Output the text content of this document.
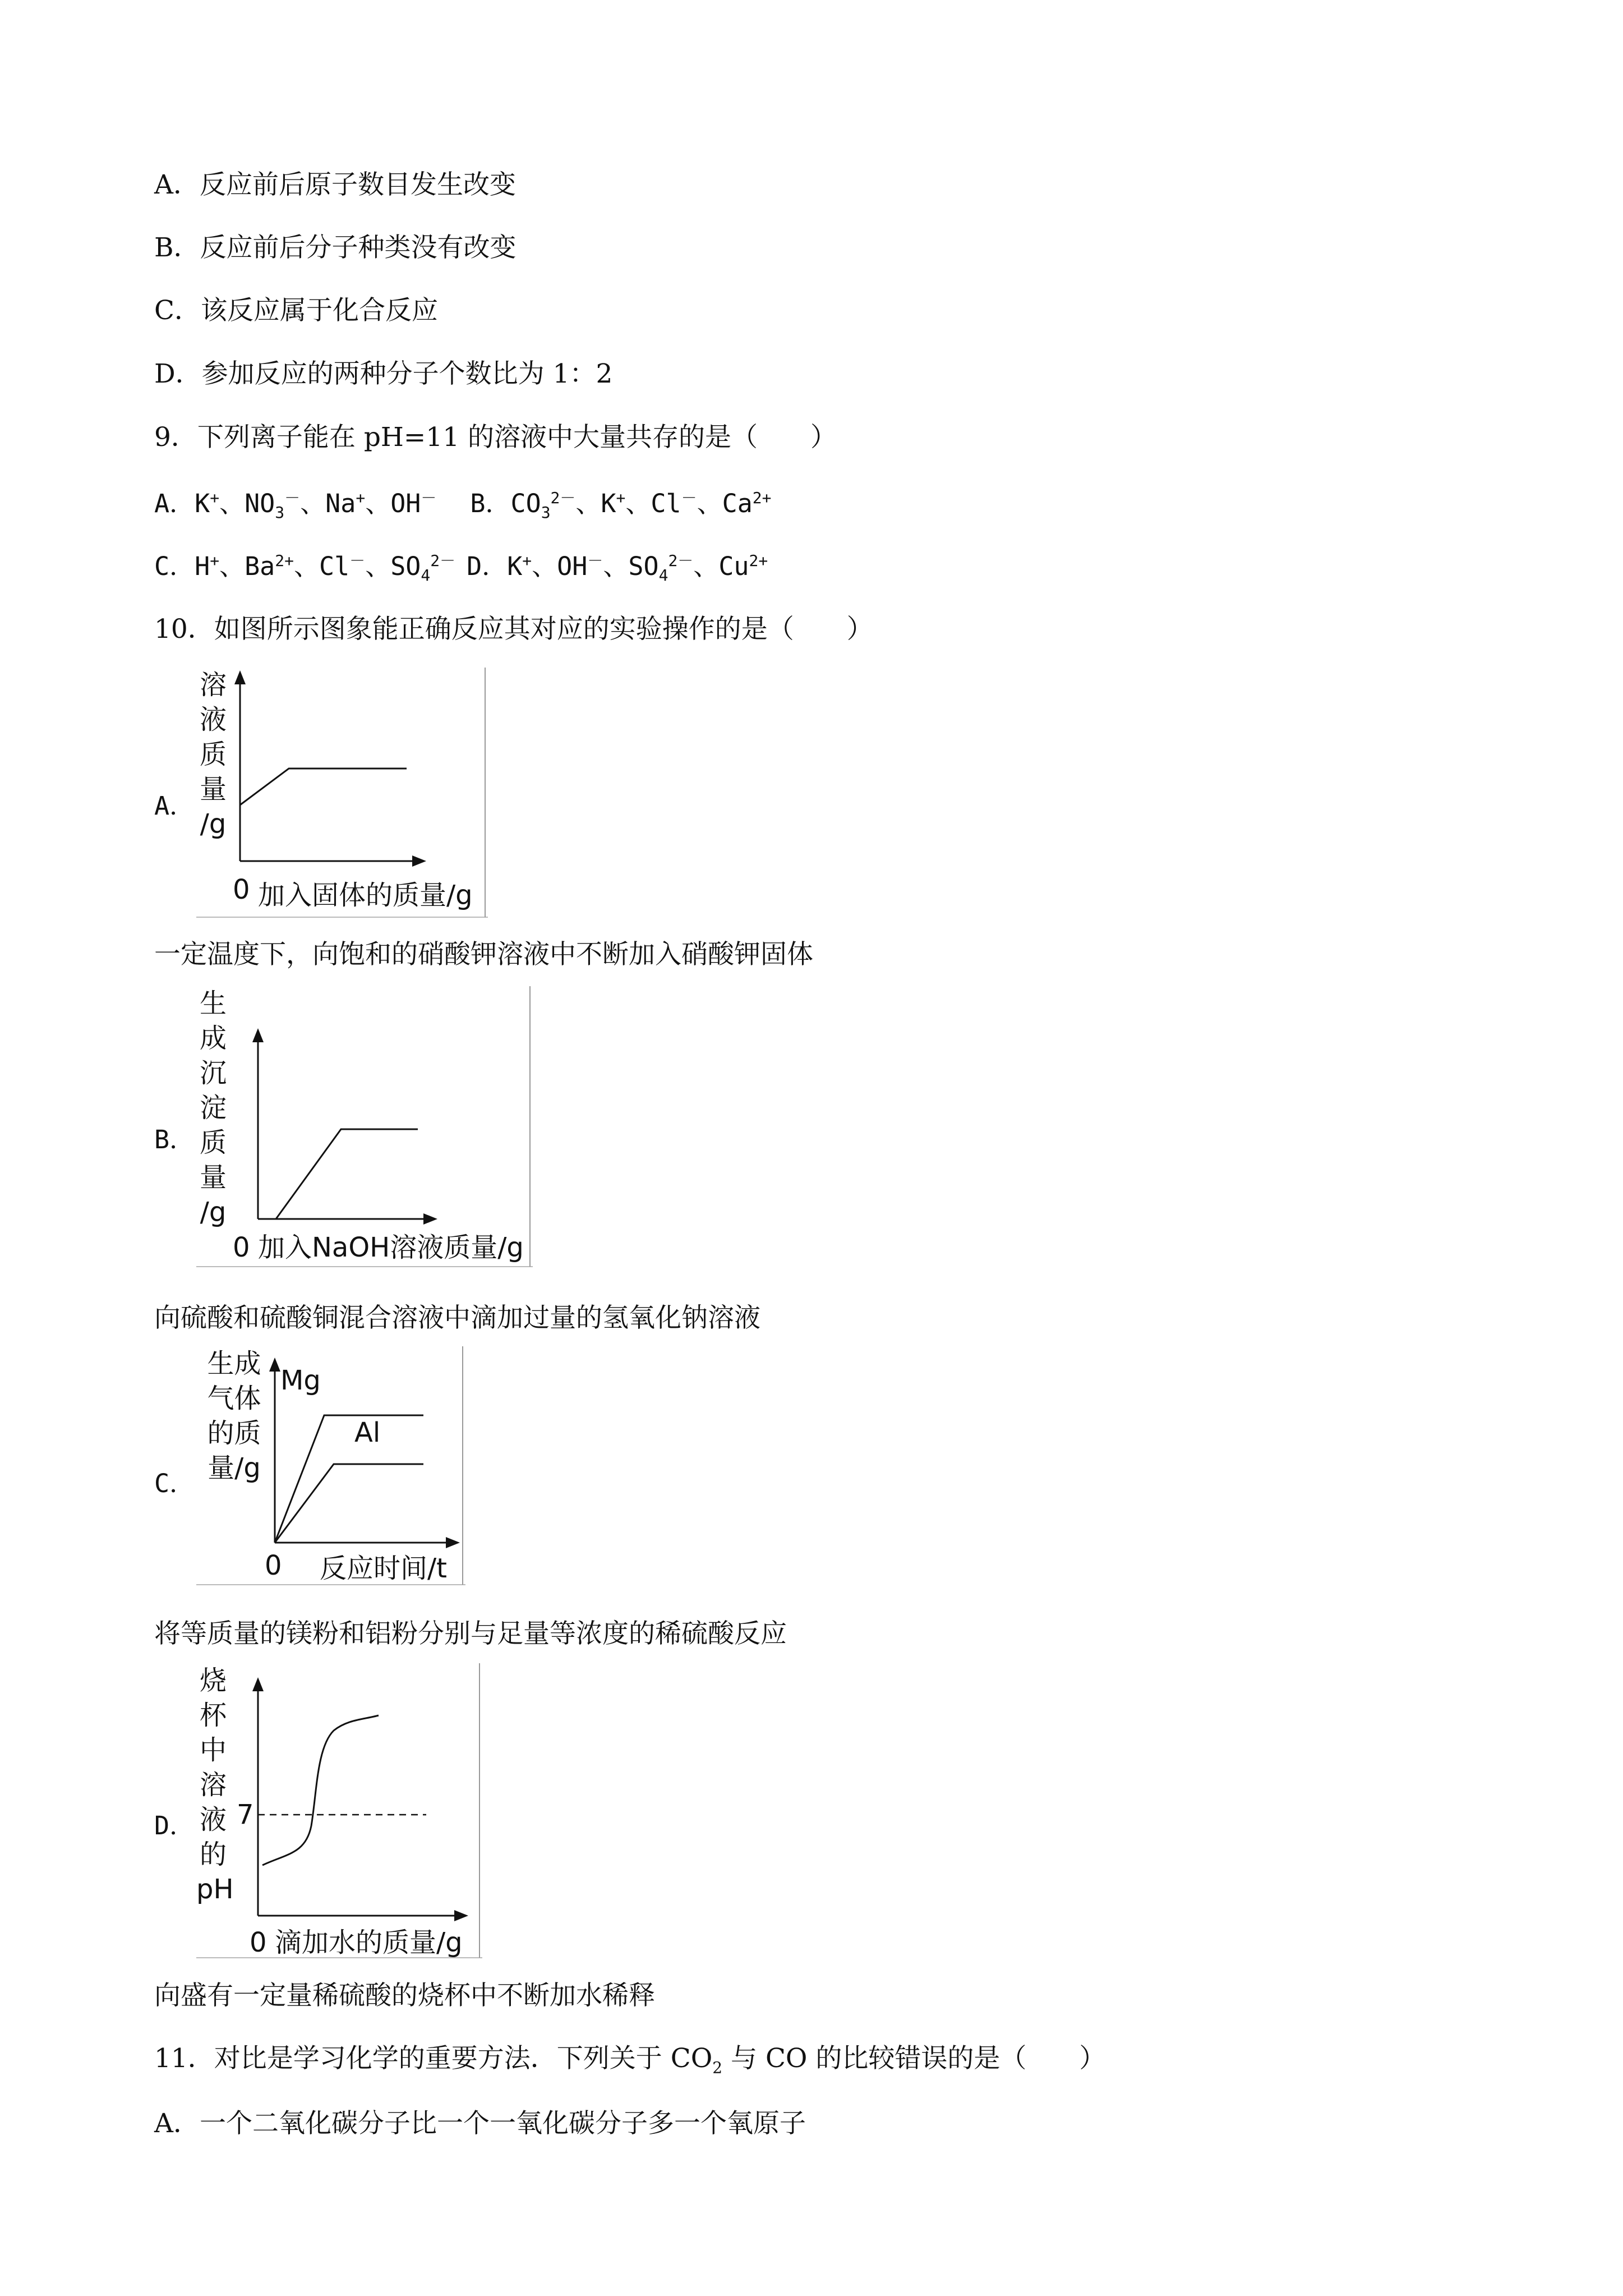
A．反应前后原子数目发生改变
B．反应前后分子种类没有改变
C．该反应属于化合反应
D．参加反应的两种分子个数比为 1：2
9．下列离子能在 pH=11 的溶液中大量共存的是（　　）
A．K+、$NO_3^-$、Na+、OH－ B．$CO_3^{2-}$、K+、Cl－、$Ca^{2+}$
C．H+、$Ba^{2+}$、Cl－、$SO_4^{2-}$ D．K+、OH－、$SO_4^{2-}$、$Cu^{2+}$
10．如图所示图象能正确反应其对应的实验操作的是（　　）
A．
溶
液
质
量
/g
0 加入固体的质量/g
一定温度下，向饱和的硝酸钾溶液中不断加入硝酸钾固体
B．
生
成
沉
淀
质
量
/g
0 加入NaOH溶液质量/g
向硫酸和硫酸铜混合溶液中滴加过量的氢氧化钠溶液
C．
生成气体的质量/g
Mg
Al
0 反应时间/t
将等质量的镁粉和铝粉分别与足量等浓度的稀硫酸反应
D．
烧
杯
中
溶
液
的
pH
7
0 滴加水的质量/g
向盛有一定量稀硫酸的烧杯中不断加水稀释
11．对比是学习化学的重要方法．下列关于 $CO_2$ 与 CO 的比较错误的是（　　）
A．一个二氧化碳分子比一个一氧化碳分子多一个氧原子
